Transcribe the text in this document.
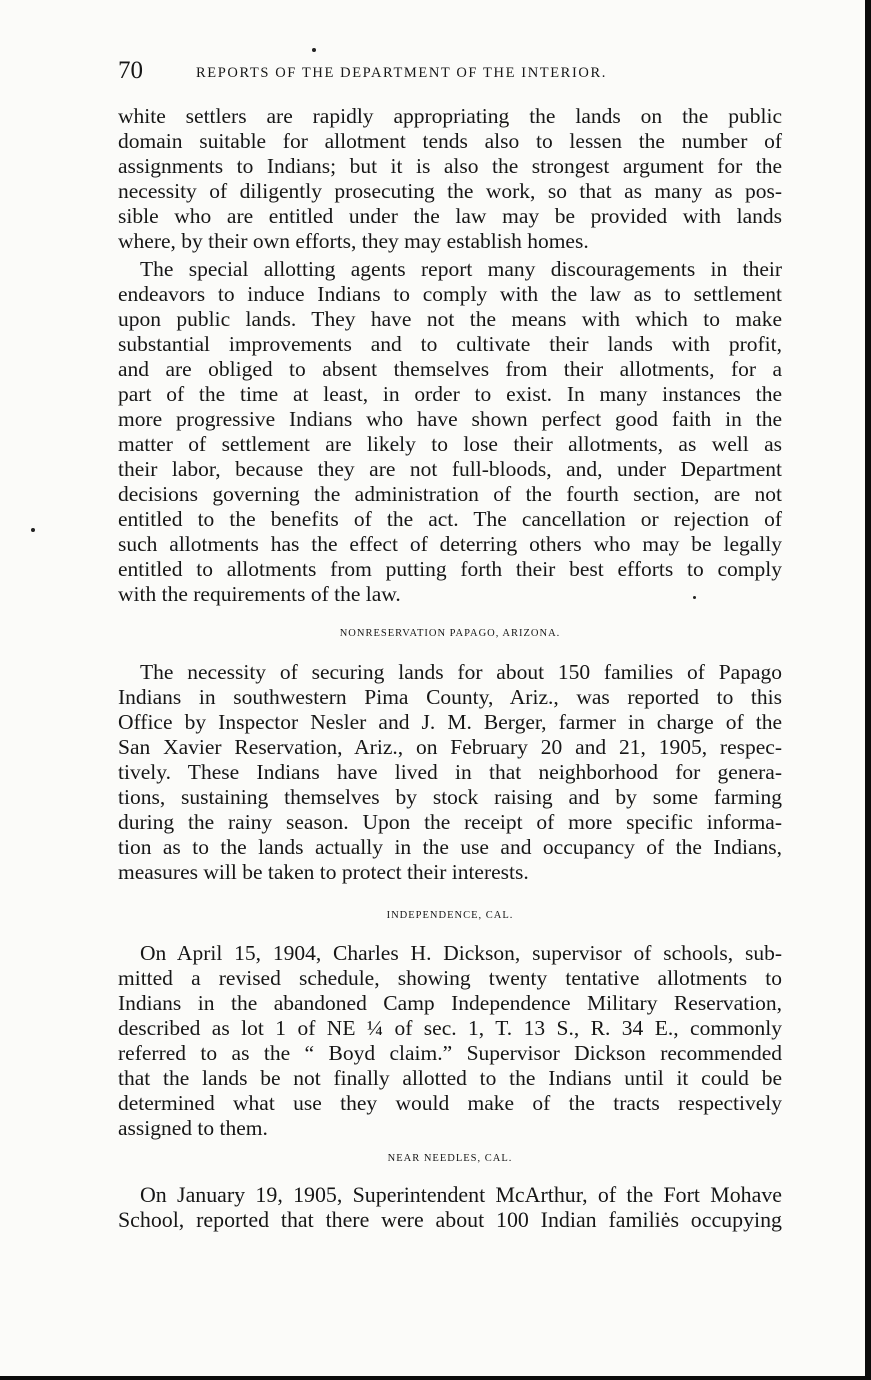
70	REPORTS OF THE DEPARTMENT OF THE INTERIOR.
white settlers are rapidly appropriating the lands on the public
domain suitable for allotment tends also to lessen the number of
assignments to Indians; but it is also the strongest argument for the
necessity of diligently prosecuting the work, so that as many as pos-
sible who are entitled under the law may be provided with lands
where, by their own efforts, they may establish homes.
The special allotting agents report many discouragements in their
endeavors to induce Indians to comply with the law as to settlement
upon public lands. They have not the means with which to make
substantial improvements and to cultivate their lands with profit,
and are obliged to absent themselves from their allotments, for a
part of the time at least, in order to exist. In many instances the
more progressive Indians who have shown perfect good faith in the
matter of settlement are likely to lose their allotments, as well as
their labor, because they are not full-bloods, and, under Department
decisions governing the administration of the fourth section, are not
entitled to the benefits of the act. The cancellation or rejection of
such allotments has the effect of deterring others who may be legally
entitled to allotments from putting forth their best efforts to comply
with the requirements of the law.
NONRESERVATION PAPAGO, ARIZONA.
The necessity of securing lands for about 150 families of Papago
Indians in southwestern Pima County, Ariz., was reported to this
Office by Inspector Nesler and J. M. Berger, farmer in charge of the
San Xavier Reservation, Ariz., on February 20 and 21, 1905, respec-
tively. These Indians have lived in that neighborhood for genera-
tions, sustaining themselves by stock raising and by some farming
during the rainy season. Upon the receipt of more specific informa-
tion as to the lands actually in the use and occupancy of the Indians,
measures will be taken to protect their interests.
INDEPENDENCE, CAL.
On April 15, 1904, Charles H. Dickson, supervisor of schools, sub-
mitted a revised schedule, showing twenty tentative allotments to
Indians in the abandoned Camp Independence Military Reservation,
described as lot 1 of NE ¼ of sec. 1, T. 13 S., R. 34 E., commonly
referred to as the “ Boyd claim.” Supervisor Dickson recommended
that the lands be not finally allotted to the Indians until it could be
determined what use they would make of the tracts respectively
assigned to them.
NEAR NEEDLES, CAL.
On January 19, 1905, Superintendent McArthur, of the Fort Mohave
School, reported that there were about 100 Indian familiės occupying
